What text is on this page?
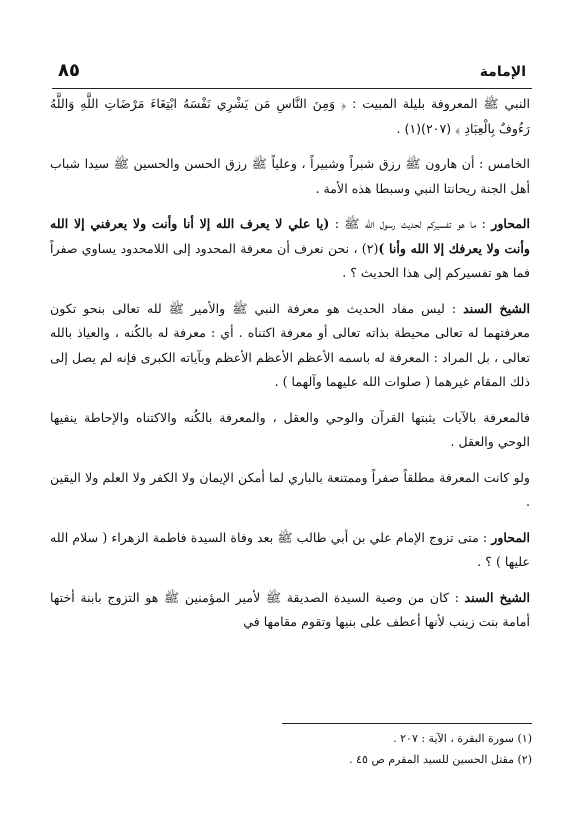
٨٥	الإمامة

النبي ﷺ المعروفة بليلة المبيت : ﴿ وَمِنَ النَّاسِ مَن يَشْرِي نَفْسَهُ ابْتِغَاءَ مَرْضَاتِ اللَّهِ وَاللَّهُ رَءُوفٌ بِالْعِبَادِ ﴾ (٢٠٧)(١) .

الخامس : أن هارون ﷺ رزق شبراً وشبيراً ، وعلياً ﷺ رزق الحسن والحسين ﷺ سيدا شباب أهل الجنة ريحانتا النبي وسبطا هذه الأمة .

المحاور : ما هو تفسيركم لحديث رسول الله ﷺ : (يا علي لا يعرف الله إلا أنا وأنت ولا يعرفني إلا الله وأنت ولا يعرفك إلا الله وأنا )(٢) ، نحن نعرف أن معرفة المحدود إلى اللامحدود يساوي صفراً فما هو تفسيركم إلى هذا الحديث ؟ .

الشيخ السند : ليس مفاد الحديث هو معرفة النبي ﷺ والأمير ﷺ لله تعالى بنحو تكون معرفتهما له تعالى محيطة بذاته تعالى أو معرفة اكتناه . أي : معرفة له بالكُنه ، والعياذ بالله تعالى ، بل المراد : المعرفة له باسمه الأعظم الأعظم الأعظم وبآياته الكبرى فإنه لم يصل إلى ذلك المقام غيرهما ( صلوات الله عليهما وآلهما ) .

فالمعرفة بالآيات يثبتها القرآن والوحي والعقل ، والمعرفة بالكُنه والاكتناه والإحاطة ينفيها الوحي والعقل .

ولو كانت المعرفة مطلقاً صفراً وممتنعة بالباري لما أمكن الإيمان ولا الكفر ولا العلم ولا اليقين .

المحاور : متى تزوج الإمام علي بن أبي طالب ﷺ بعد وفاة السيدة فاطمة الزهراء ( سلام الله عليها ) ؟ .

الشيخ السند : كان من وصية السيدة الصديقة ﷺ لأمير المؤمنين ﷺ هو التزوج بابنة أختها أمامة بنت زينب لأنها أعطف على بنيها وتقوم مقامها في

(١) سورة البقرة ، الآية : ٢٠٧ .

(٢) مقتل الحسين للسيد المقرم ص ٤٥ .
